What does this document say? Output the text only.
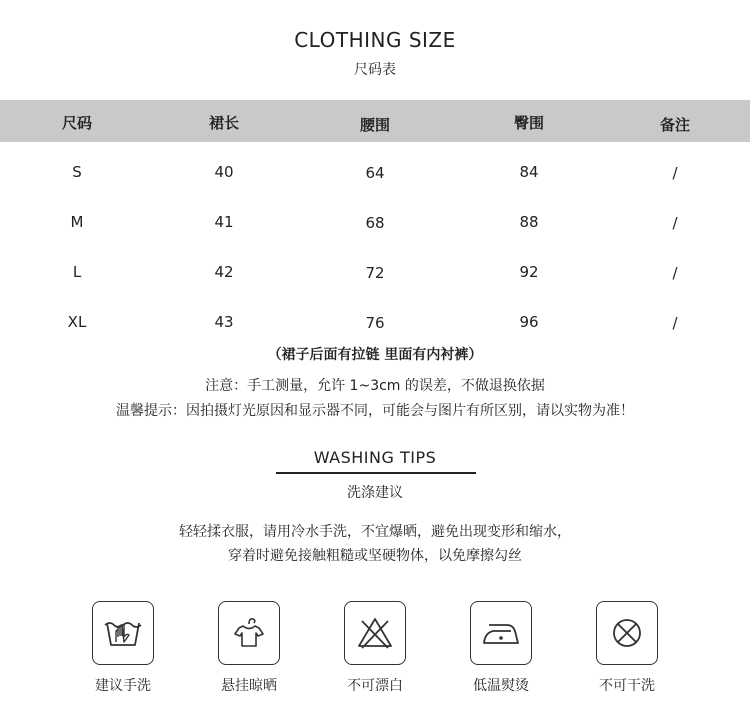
CLOTHING SIZE
尺码表
尺码	裙长	腰围	臀围	备注
S	40	64	84	/
M	41	68	88	/
L	42	72	92	/
XL	43	76	96	/
（裙子后面有拉链 里面有内衬裤）
注意：手工测量，允许 1~3cm 的误差，不做退换依据
温馨提示：因拍摄灯光原因和显示器不同，可能会与图片有所区别，请以实物为准！
WASHING TIPS
洗涤建议
轻轻揉衣服，请用冷水手洗，不宜爆晒，避免出现变形和缩水，
穿着时避免接触粗糙或坚硬物体，以免摩擦勾丝
建议手洗	悬挂晾晒	不可漂白	低温熨烫	不可干洗
